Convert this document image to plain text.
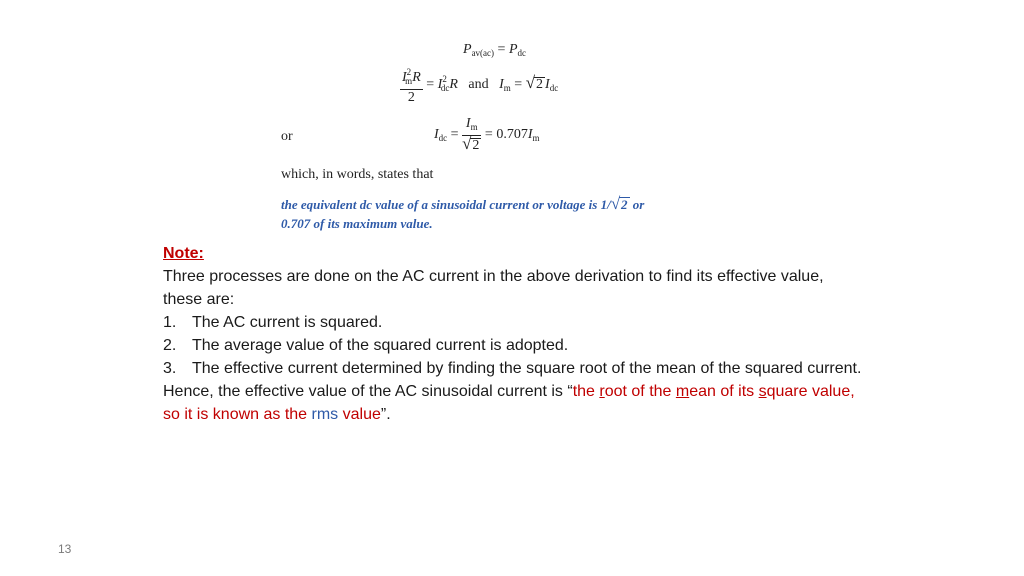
$P_{av(ac)} = P_{dc}$
$\frac{I^2_mR}{2} = I^2_{dc}R$ and $I_m = √2$ $I_{dc}$
or	$I_{dc} = \frac{I_m}{√2} = 0.707I_m$
which, in words, states that
the equivalent dc value of a sinusoidal current or voltage is 1/√2 or
0.707 of its maximum value.
Note:
Three processes are done on the AC current in the above derivation to find its effective value, these are:
1. The AC current is squared.
2. The average value of the squared current is adopted.
3. The effective current determined by finding the square root of the mean of the squared current.
Hence, the effective value of the AC sinusoidal current is “the root of the mean of its square value, so it is known as the rms value”.
13
